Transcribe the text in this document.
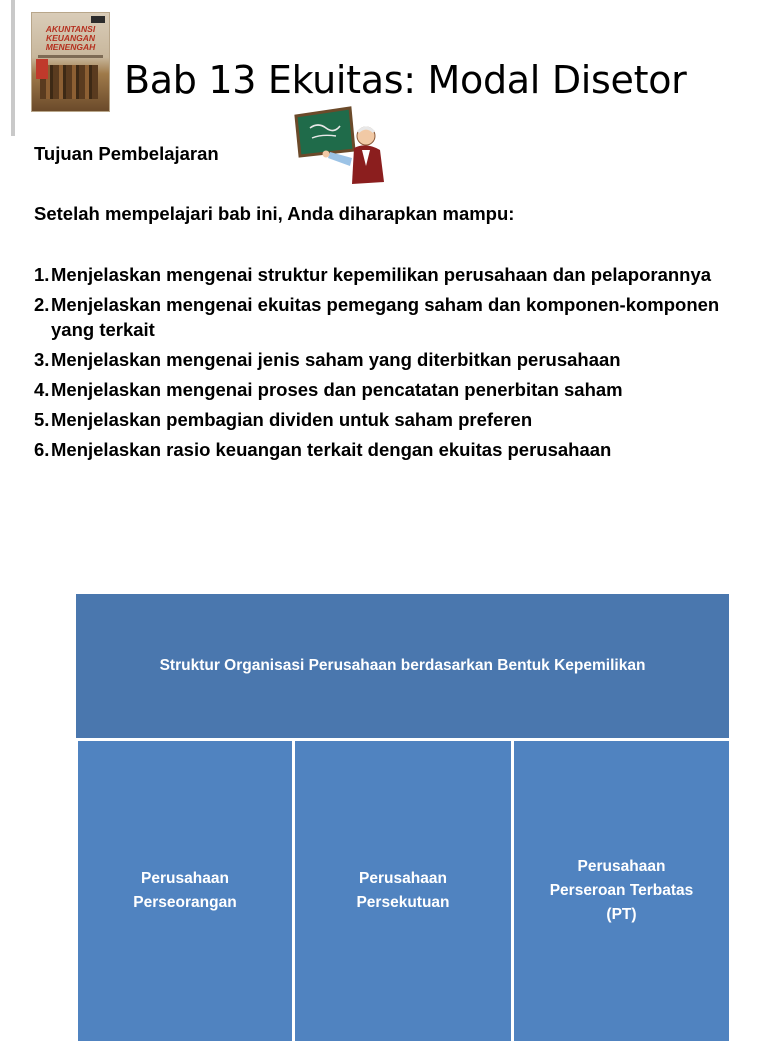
AKUNTANSI KEUANGAN MENENGAH
Bab 13 Ekuitas: Modal Disetor
Tujuan Pembelajaran
Setelah mempelajari bab ini, Anda diharapkan mampu:
1. Menjelaskan mengenai struktur kepemilikan perusahaan dan pelaporannya
2. Menjelaskan mengenai ekuitas pemegang saham dan komponen-komponen yang terkait
3. Menjelaskan mengenai jenis saham yang diterbitkan perusahaan
4. Menjelaskan mengenai proses dan pencatatan penerbitan saham
5. Menjelaskan pembagian dividen untuk saham preferen
6. Menjelaskan rasio keuangan terkait dengan ekuitas perusahaan
Struktur Organisasi Perusahaan berdasarkan Bentuk Kepemilikan
Perusahaan Perseorangan
Perusahaan Persekutuan
Perusahaan Perseroan Terbatas (PT)
